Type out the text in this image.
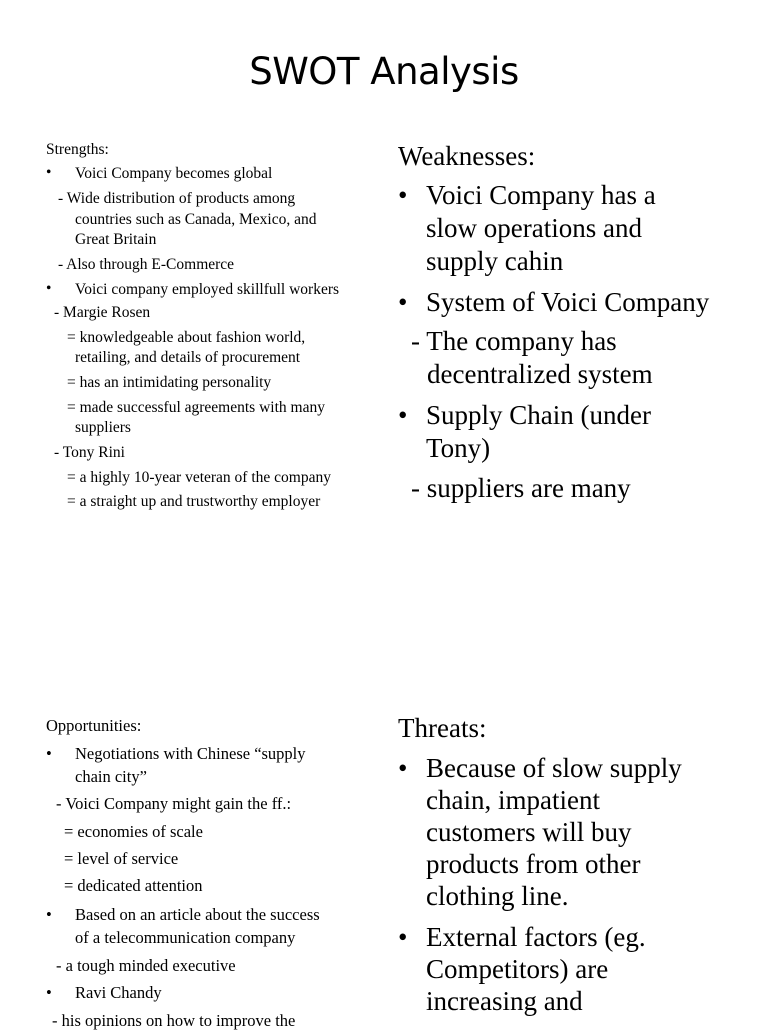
SWOT Analysis
Strengths:
• Voici Company becomes global
- Wide distribution of products among
countries such as Canada, Mexico, and
Great Britain
- Also through E-Commerce
• Voici company employed skillfull workers
- Margie Rosen
= knowledgeable about fashion world,
retailing, and details of procurement
= has an intimidating personality
= made successful agreements with many
suppliers
- Tony Rini
= a highly 10-year veteran of the company
= a straight up and trustworthy employer
Weaknesses:
• Voici Company has a slow operations and supply cahin
• System of Voici Company
- The company has
decentralized system
• Supply Chain (under Tony)
- suppliers are many
Opportunities:
• Negotiations with Chinese “supply
chain city”
- Voici Company might gain the ff.:
= economies of scale
= level of service
= dedicated attention
• Based on an article about the success
of a telecommunication company
- a tough minded executive
• Ravi Chandy
- his opinions on how to improve the
Threats:
• Because of slow supply chain, impatient customers will buy products from other clothing line.
• External factors (eg. Competitors) are increasing and
